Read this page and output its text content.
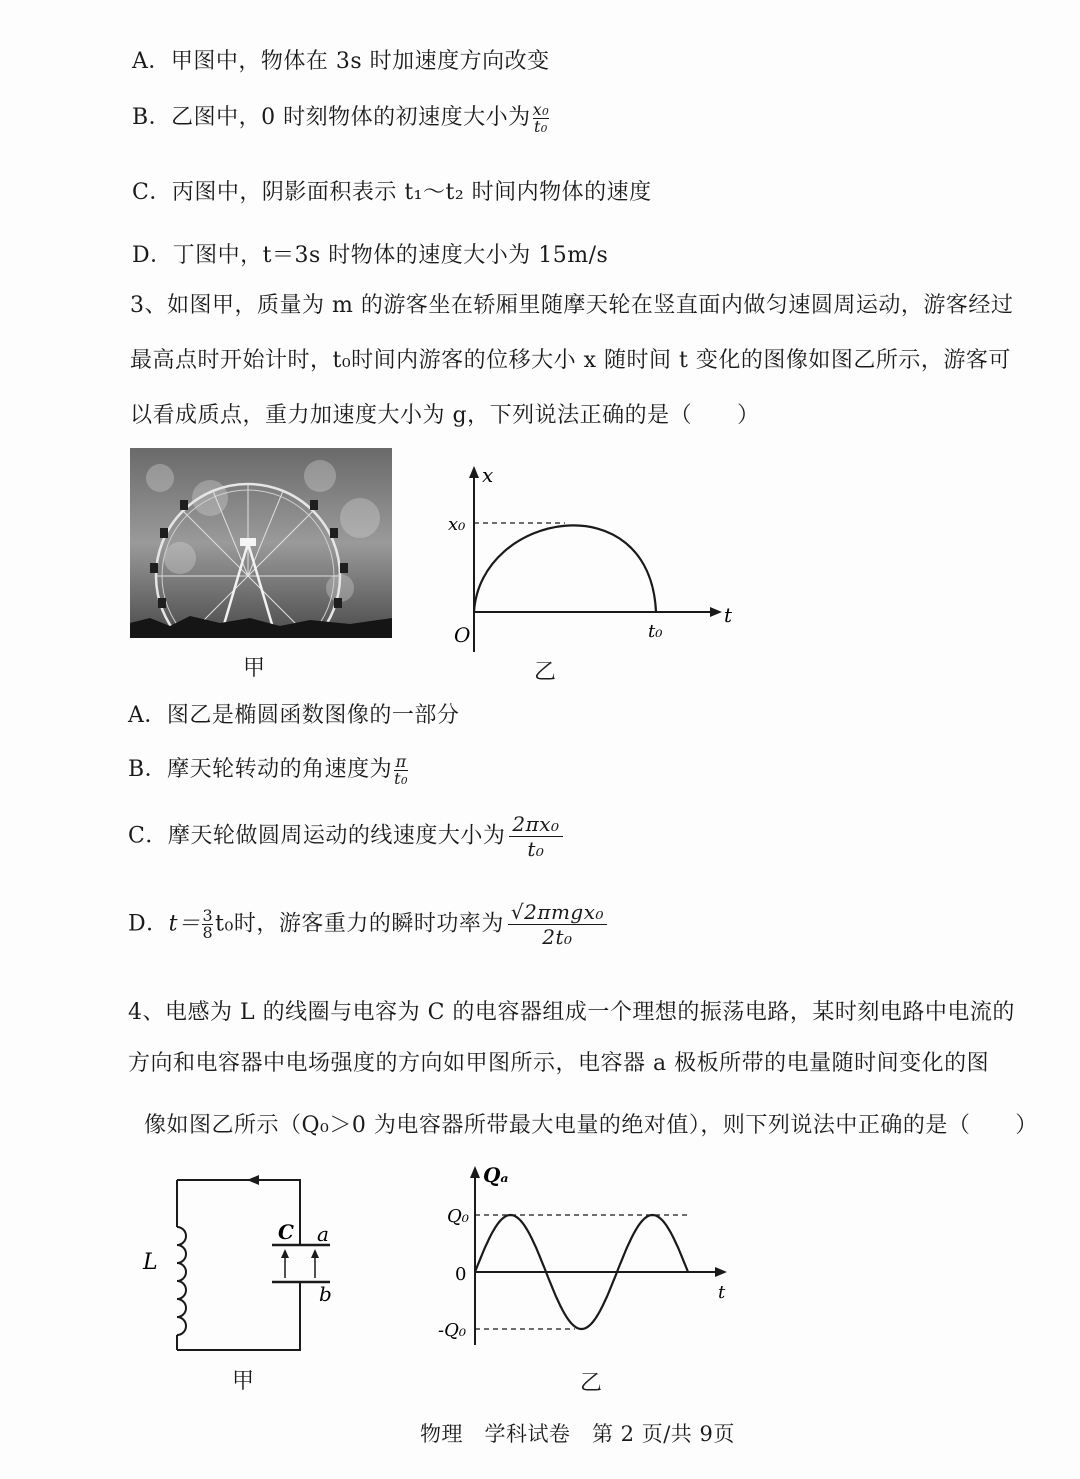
A．甲图中，物体在 3s 时加速度方向改变
B．乙图中，0 时刻物体的初速度大小为 $\frac{\text{x₀}}{\text{t₀}}$
C．丙图中，阴影面积表示 t₁～t₂ 时间内物体的速度
D．丁图中，t＝3s 时物体的速度大小为 15m/s
3、如图甲，质量为 m 的游客坐在轿厢里随摩天轮在竖直面内做匀速圆周运动，游客经过
最高点时开始计时，t₀时间内游客的位移大小 x 随时间 t 变化的图像如图乙所示，游客可
以看成质点，重力加速度大小为 g，下列说法正确的是（　　）
甲
x
t
O
x₀
t₀
乙
A．图乙是椭圆函数图像的一部分
B．摩天轮转动的角速度为 $\frac{\pi}{\text{t₀}}$
C．摩天轮做圆周运动的线速度大小为 $\frac{\text{2πx₀}}{\text{t₀}}$
D．$t= \frac{3}{8} t_0$时，游客重力的瞬时功率为 $\frac{\text{√2πmgx₀}}{\text{2t₀}}$
4、电感为 L 的线圈与电容为 C 的电容器组成一个理想的振荡电路，某时刻电路中电流的
方向和电容器中电场强度的方向如甲图所示，电容器 a 极板所带的电量随时间变化的图
像如图乙所示（Q₀＞0 为电容器所带最大电量的绝对值），则下列说法中正确的是（　　）
L
C a
b
甲
Qₐ
t
Q₀
0
-Q₀
乙
物理　学科试卷　第 2 页/共 9页
